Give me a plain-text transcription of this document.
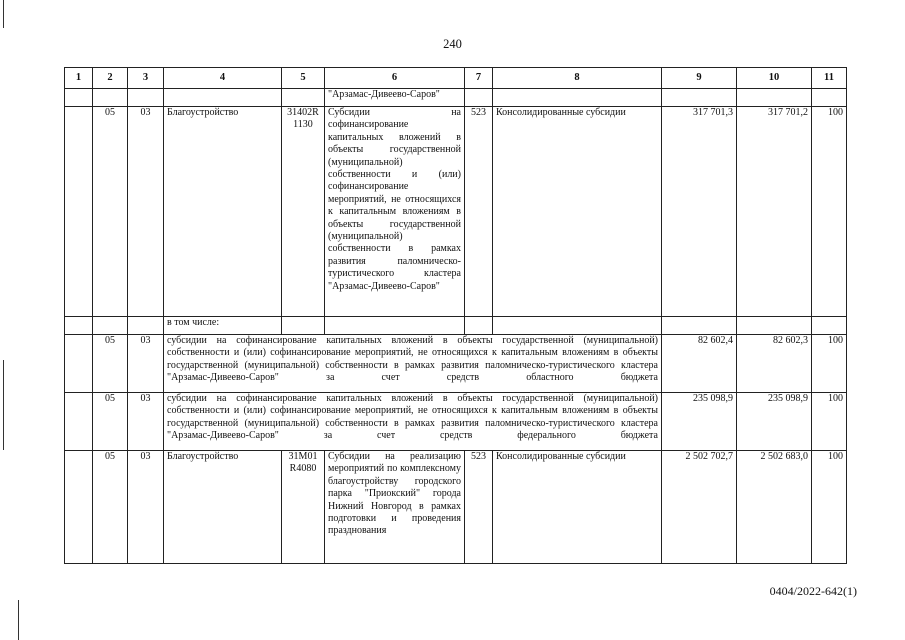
240
1	2	3	4	5	6	7	8	9	10	11
					"Арзамас-Дивеево-Саров"					
	05	03	Благоустройство	31402R 1130	Субсидии на софинансирование капитальных вложений в объекты государственной (муниципальной) собственности и (или) софинансирование мероприятий, не относящихся к капитальным вложениям в объекты государственной (муниципальной) собственности в рамках развития паломническо-туристического кластера "Арзамас-Дивеево-Саров"	523	Консолидированные субсидии	317 701,3	317 701,2	100
			в том числе:							
	05	03	субсидии на софинансирование капитальных вложений в объекты государственной (муниципальной) собственности и (или) софинансирование мероприятий, не относящихся к капитальным вложениям в объекты государственной (муниципальной) собственности в рамках развития паломническо-туристического кластера "Арзамас-Дивеево-Саров" за счет средств областного бюджета					82 602,4	82 602,3	100
	05	03	субсидии на софинансирование капитальных вложений в объекты государственной (муниципальной) собственности и (или) софинансирование мероприятий, не относящихся к капитальным вложениям в объекты государственной (муниципальной) собственности в рамках развития паломническо-туристического кластера "Арзамас-Дивеево-Саров" за счет средств федерального бюджета					235 098,9	235 098,9	100
	05	03	Благоустройство	31М01 R4080	Субсидии на реализацию мероприятий по комплексному благоустройству городского парка "Приокский" города Нижний Новгород в рамках подготовки и проведения празднования	523	Консолидированные субсидии	2 502 702,7	2 502 683,0	100
0404/2022-642(1)
